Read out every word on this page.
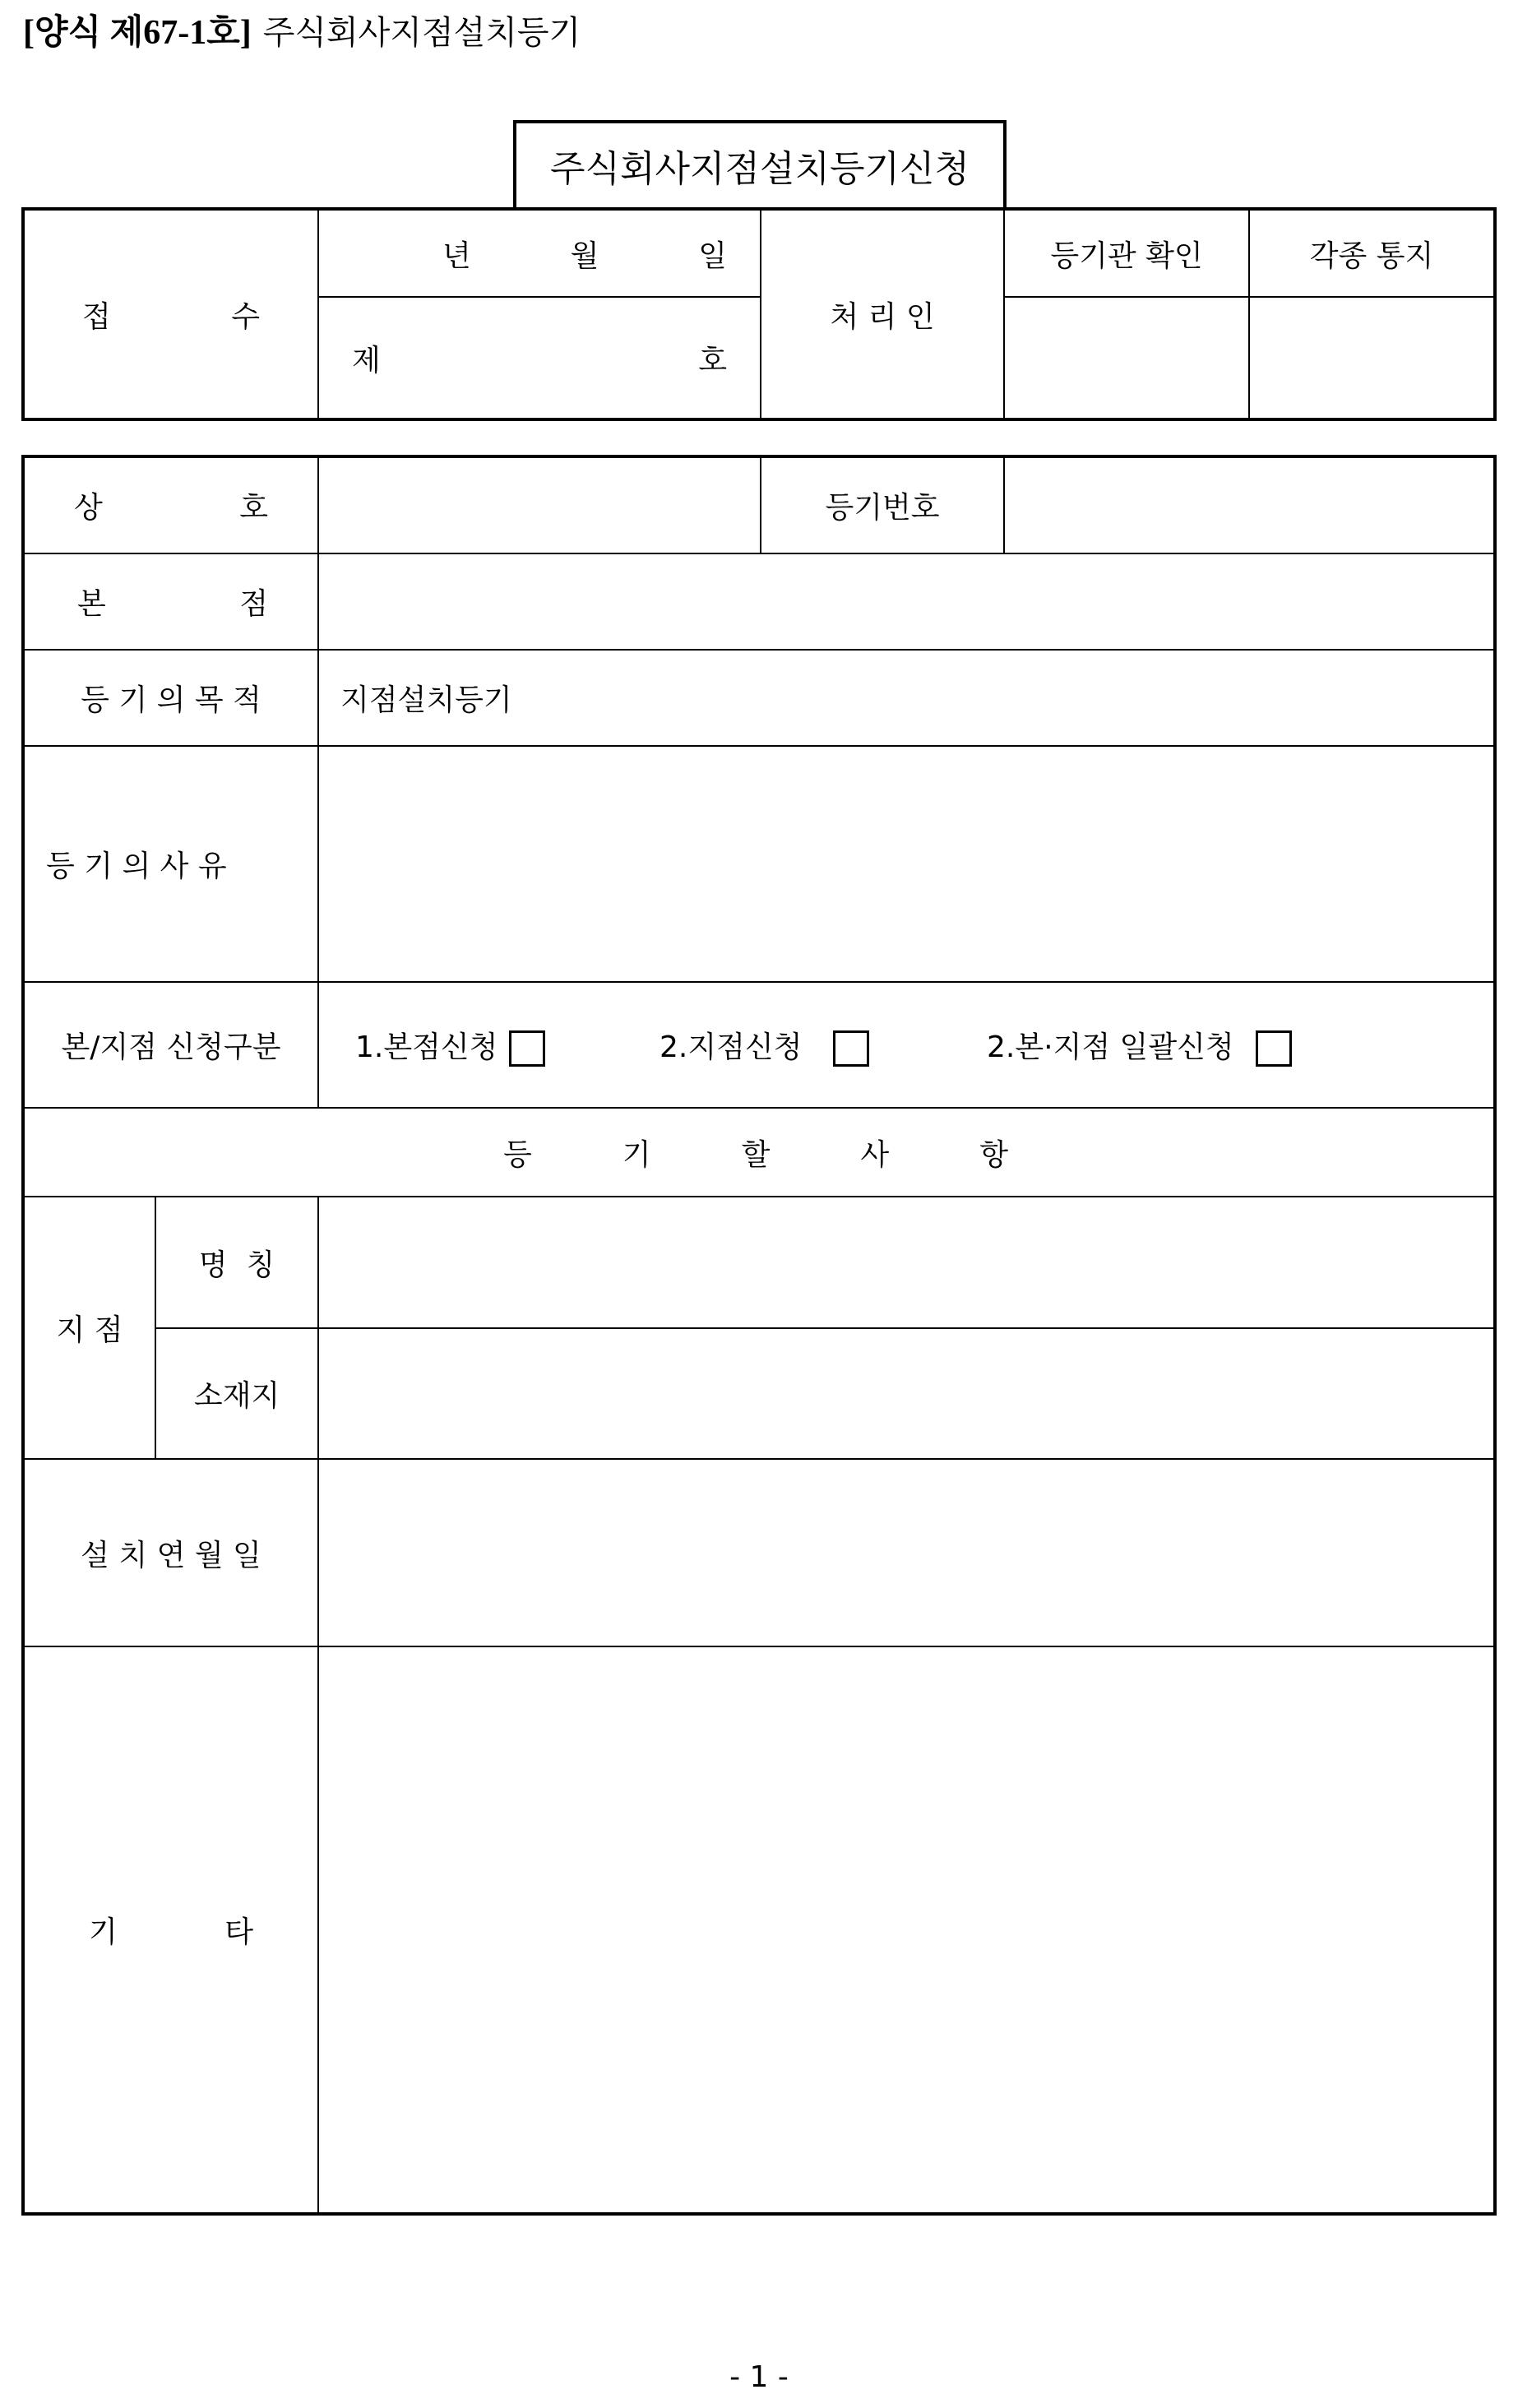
[양식 제67-1호] 주식회사지점설치등기
주식회사지점설치등기신청
접 수	년 월 일	처 리 인	등기관 확인	각종 통지

	제 호			

상 호			등기번호	

본 점				

등 기 의 목 적		지점설치등기		
등 기 의 사 유				
본/지점 신청구분		1.본점신청 2.지점신청 2.본·지점 일괄신청		

등 기 할 사 항				

지 점	명  칭			
	소재지			
설 치 연 월 일				

기 타				

- 1 -
